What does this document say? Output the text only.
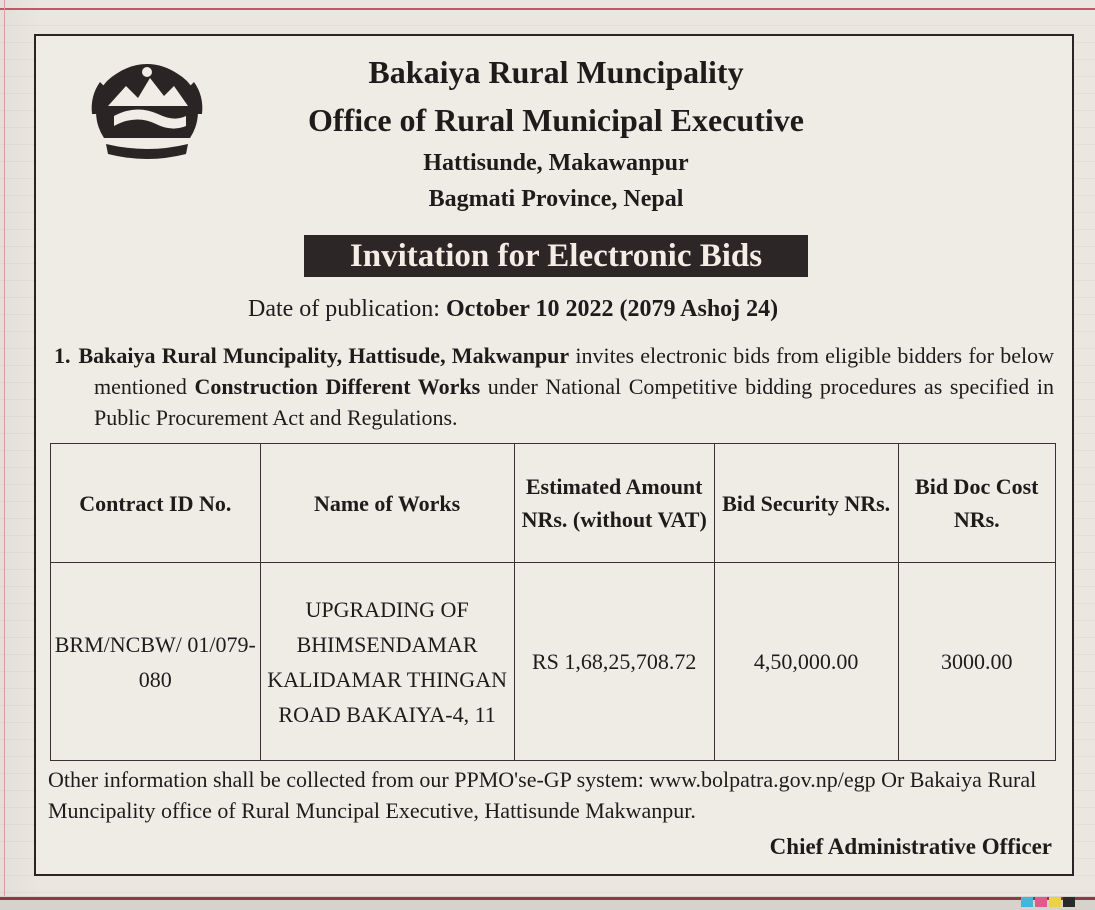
Bakaiya Rural Muncipality
Office of Rural Municipal Executive
Hattisunde, Makawanpur
Bagmati Province, Nepal
Invitation for Electronic Bids
Date of publication: October 10 2022 (2079 Ashoj 24)
1. Bakaiya Rural Muncipality, Hattisude, Makwanpur invites electronic bids from eligible bidders for below mentioned Construction Different Works under National Competitive bidding procedures as specified in Public Procurement Act and Regulations.
Contract ID No.	Name of Works	Estimated Amount NRs. (without VAT)	Bid Security NRs.	Bid Doc Cost NRs.
BRM/NCBW/ 01/079-080	UPGRADING OF BHIMSENDAMAR KALIDAMAR THINGAN ROAD BAKAIYA-4, 11	RS 1,68,25,708.72	4,50,000.00	3000.00
Other information shall be collected from our PPMO'se-GP system: www.bolpatra.gov.np/egp Or Bakaiya Rural Muncipality office of Rural Muncipal Executive, Hattisunde Makwanpur.
Chief Administrative Officer
